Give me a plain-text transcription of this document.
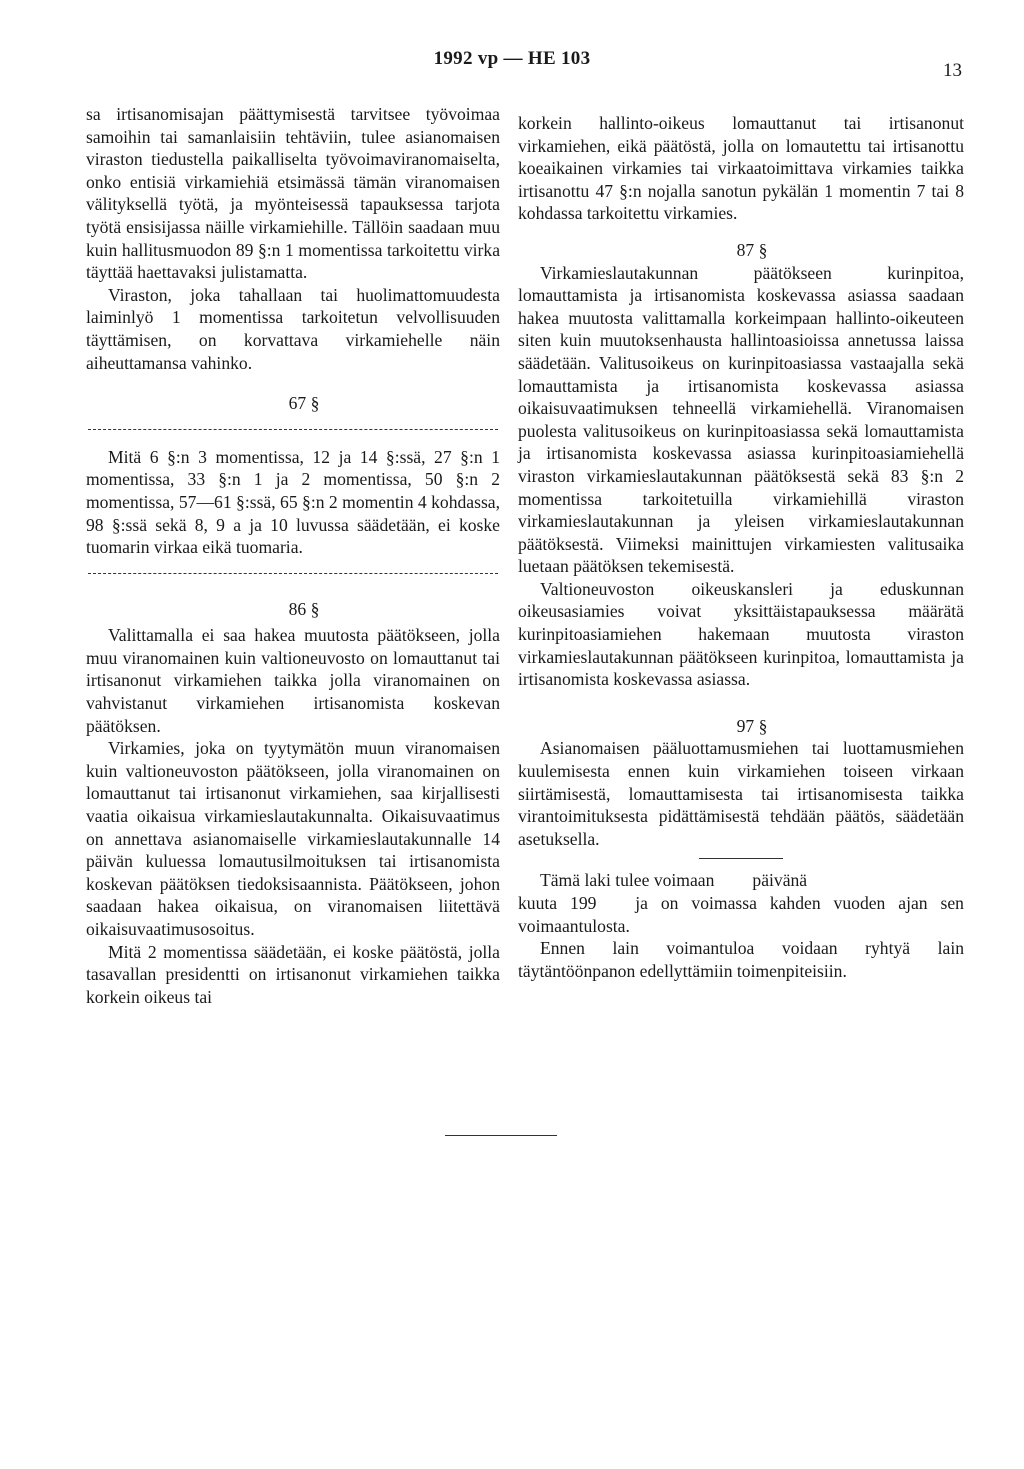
1992 vp — HE 103
13

sa irtisanomisajan päättymisestä tarvitsee työvoimaa samoihin tai samanlaisiin tehtäviin, tulee asianomaisen viraston tiedustella paikalliselta työvoimaviranomaiselta, onko entisiä virkamiehiä etsimässä tämän viranomaisen välityksellä työtä, ja myönteisessä tapauksessa tarjota työtä ensisijassa näille virkamiehille. Tällöin saadaan muu kuin hallitusmuodon 89 §:n 1 momentissa tarkoitettu virka täyttää haettavaksi julistamatta.

Viraston, joka tahallaan tai huolimattomuudesta laiminlyö 1 momentissa tarkoitetun velvollisuuden täyttämisen, on korvattava virkamiehelle näin aiheuttamansa vahinko.

67 §

Mitä 6 §:n 3 momentissa, 12 ja 14 §:ssä, 27 §:n 1 momentissa, 33 §:n 1 ja 2 momentissa, 50 §:n 2 momentissa, 57—61 §:ssä, 65 §:n 2 momentin 4 kohdassa, 98 §:ssä sekä 8, 9 a ja 10 luvussa säädetään, ei koske tuomarin virkaa eikä tuomaria.

86 §

Valittamalla ei saa hakea muutosta päätökseen, jolla muu viranomainen kuin valtioneuvosto on lomauttanut tai irtisanonut virkamiehen taikka jolla viranomainen on vahvistanut virkamiehen irtisanomista koskevan päätöksen.

Virkamies, joka on tyytymätön muun viranomaisen kuin valtioneuvoston päätökseen, jolla viranomainen on lomauttanut tai irtisanonut virkamiehen, saa kirjallisesti vaatia oikaisua virkamieslautakunnalta. Oikaisuvaatimus on annettava asianomaiselle virkamieslautakunnalle 14 päivän kuluessa lomautusilmoituksen tai irtisanomista koskevan päätöksen tiedoksisaannista. Päätökseen, johon saadaan hakea oikaisua, on viranomaisen liitettävä oikaisuvaatimusosoitus.

Mitä 2 momentissa säädetään, ei koske päätöstä, jolla tasavallan presidentti on irtisanonut virkamiehen taikka korkein oikeus tai

korkein hallinto-oikeus lomauttanut tai irtisanonut virkamiehen, eikä päätöstä, jolla on lomautettu tai irtisanottu koeaikainen virkamies tai virkaatoimittava virkamies taikka irtisanottu 47 §:n nojalla sanotun pykälän 1 momentin 7 tai 8 kohdassa tarkoitettu virkamies.

87 §

Virkamieslautakunnan päätökseen kurinpitoa, lomauttamista ja irtisanomista koskevassa asiassa saadaan hakea muutosta valittamalla korkeimpaan hallinto-oikeuteen siten kuin muutoksenhausta hallintoasioissa annetussa laissa säädetään. Valitusoikeus on kurinpitoasiassa vastaajalla sekä lomauttamista ja irtisanomista koskevassa asiassa oikaisuvaatimuksen tehneellä virkamiehellä. Viranomaisen puolesta valitusoikeus on kurinpitoasiassa sekä lomauttamista ja irtisanomista koskevassa asiassa kurinpitoasiamiehellä viraston virkamieslautakunnan päätöksestä sekä 83 §:n 2 momentissa tarkoitetuilla virkamiehillä viraston virkamieslautakunnan ja yleisen virkamieslautakunnan päätöksestä. Viimeksi mainittujen virkamiesten valitusaika luetaan päätöksen tekemisestä.

Valtioneuvoston oikeuskansleri ja eduskunnan oikeusasiamies voivat yksittäistapauksessa määrätä kurinpitoasiamiehen hakemaan muutosta viraston virkamieslautakunnan päätökseen kurinpitoa, lomauttamista ja irtisanomista koskevassa asiassa.

97 §

Asianomaisen pääluottamusmiehen tai luottamusmiehen kuulemisesta ennen kuin virkamiehen toiseen virkaan siirtämisestä, lomauttamisesta tai irtisanomisesta taikka virantoimituksesta pidättämisestä tehdään päätös, säädetään asetuksella.

Tämä laki tulee voimaan päivänä
kuuta 199 ja on voimassa kahden vuoden ajan sen voimaantulosta.

Ennen lain voimantuloa voidaan ryhtyä lain täytäntöönpanon edellyttämiin toimenpiteisiin.
